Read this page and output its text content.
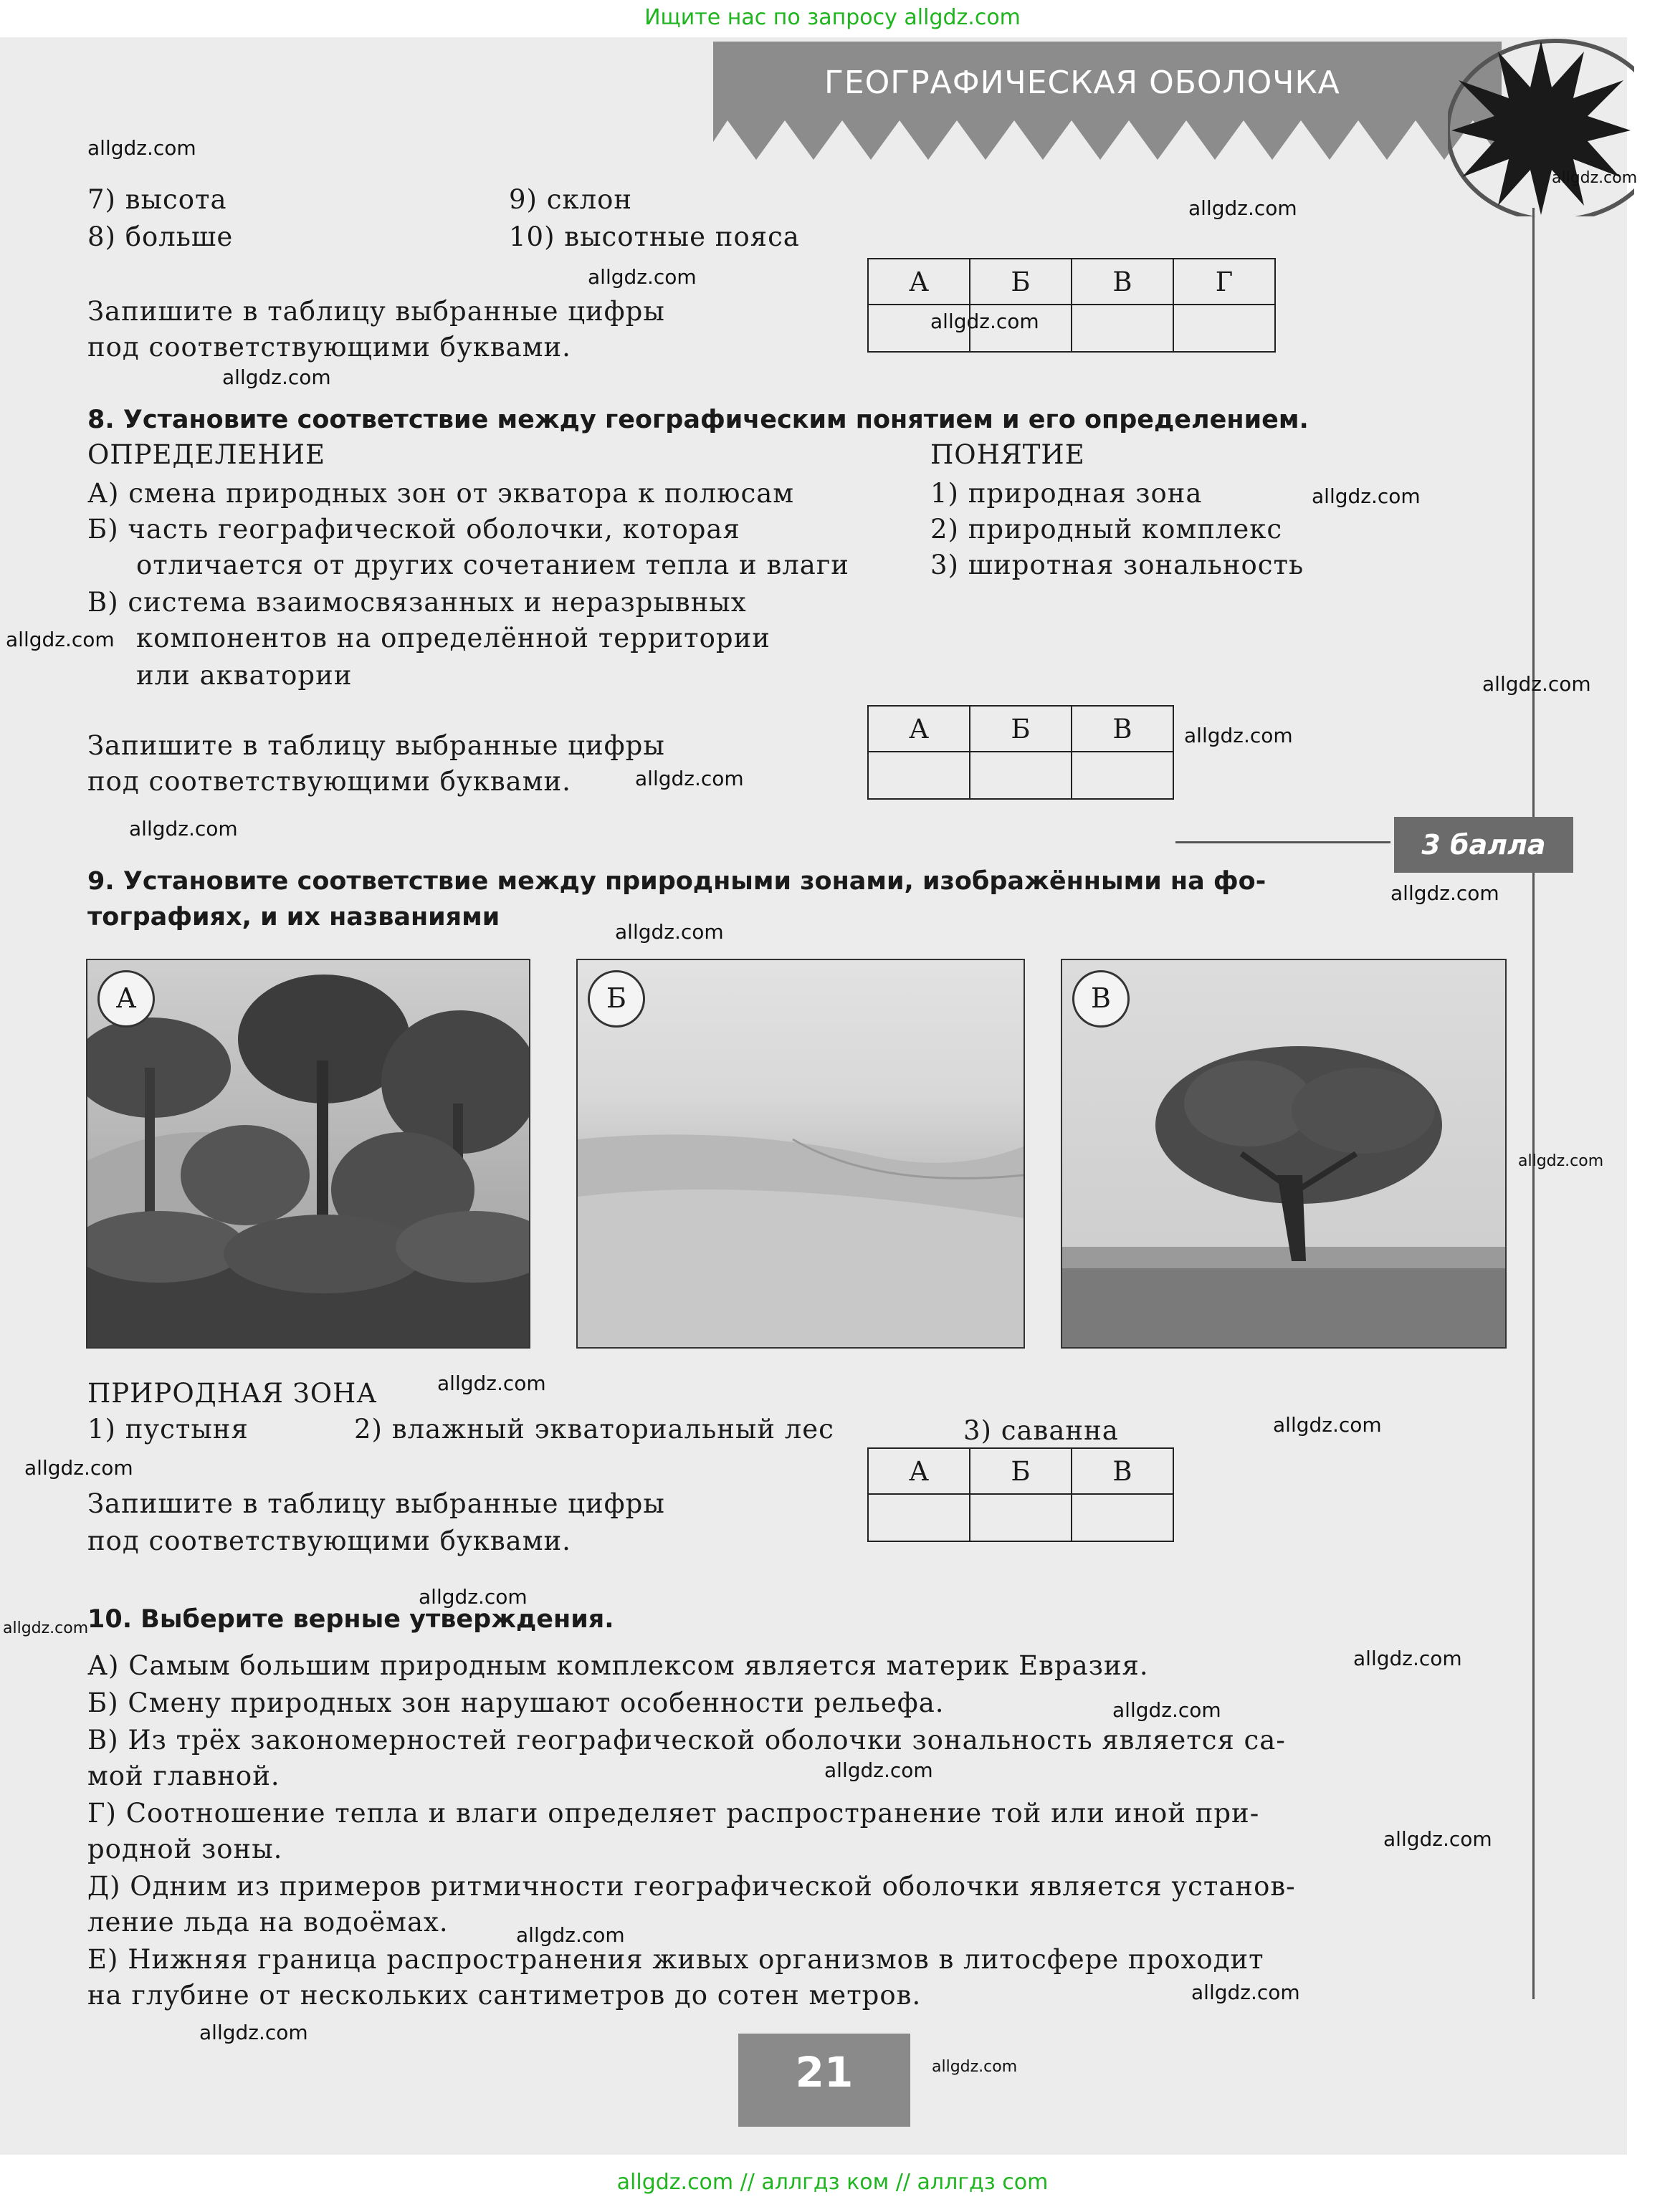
Ищите нас по запросу allgdz.com
ГЕОГРАФИЧЕСКАЯ ОБОЛОЧКА
3 балла
allgdz.com
allgdz.com
allgdz.com
allgdz.com
allgdz.com
allgdz.com
allgdz.com
allgdz.com
allgdz.com
allgdz.com
allgdz.com
allgdz.com
allgdz.com
allgdz.com
allgdz.com
allgdz.com
allgdz.com
allgdz.com
allgdz.com
allgdz.com
allgdz.com
allgdz.com
allgdz.com
allgdz.com
allgdz.com
allgdz.com
allgdz.com
allgdz.com
7) высота
8) больше
9) склон
10) высотные пояса
Запишите в таблицу выбранные цифры
под соответствующими буквами.
А	Б	В	Г

8. Установите соответствие между географическим понятием и его определением.
ОПРЕДЕЛЕНИЕ	ПОНЯТИЕ
А) смена природных зон от экватора к полюсам
Б) часть географической оболочки, которая
отличается от других сочетанием тепла и влаги
В) система взаимосвязанных и неразрывных
компонентов на определённой территории
или акватории
1) природная зона
2) природный комплекс
3) широтная зональность
Запишите в таблицу выбранные цифры
под соответствующими буквами.
А	Б	В

9. Установите соответствие между природными зонами, изображёнными на фо-
тографиях, и их названиями
А	Б	В
ПРИРОДНАЯ ЗОНА
1) пустыня	2) влажный экваториальный лес	3) саванна
Запишите в таблицу выбранные цифры
под соответствующими буквами.
А	Б	В

10. Выберите верные утверждения.
А) Самым большим природным комплексом является материк Евразия.
Б) Смену природных зон нарушают особенности рельефа.
В) Из трёх закономерностей географической оболочки зональность является са-
мой главной.
Г) Соотношение тепла и влаги определяет распространение той или иной при-
родной зоны.
Д) Одним из примеров ритмичности географической оболочки является установ-
ление льда на водоёмах.
Е) Нижняя граница распространения живых организмов в литосфере проходит
на глубине от нескольких сантиметров до сотен метров.
21
allgdz.com // аллгдз ком // аллгдз com
